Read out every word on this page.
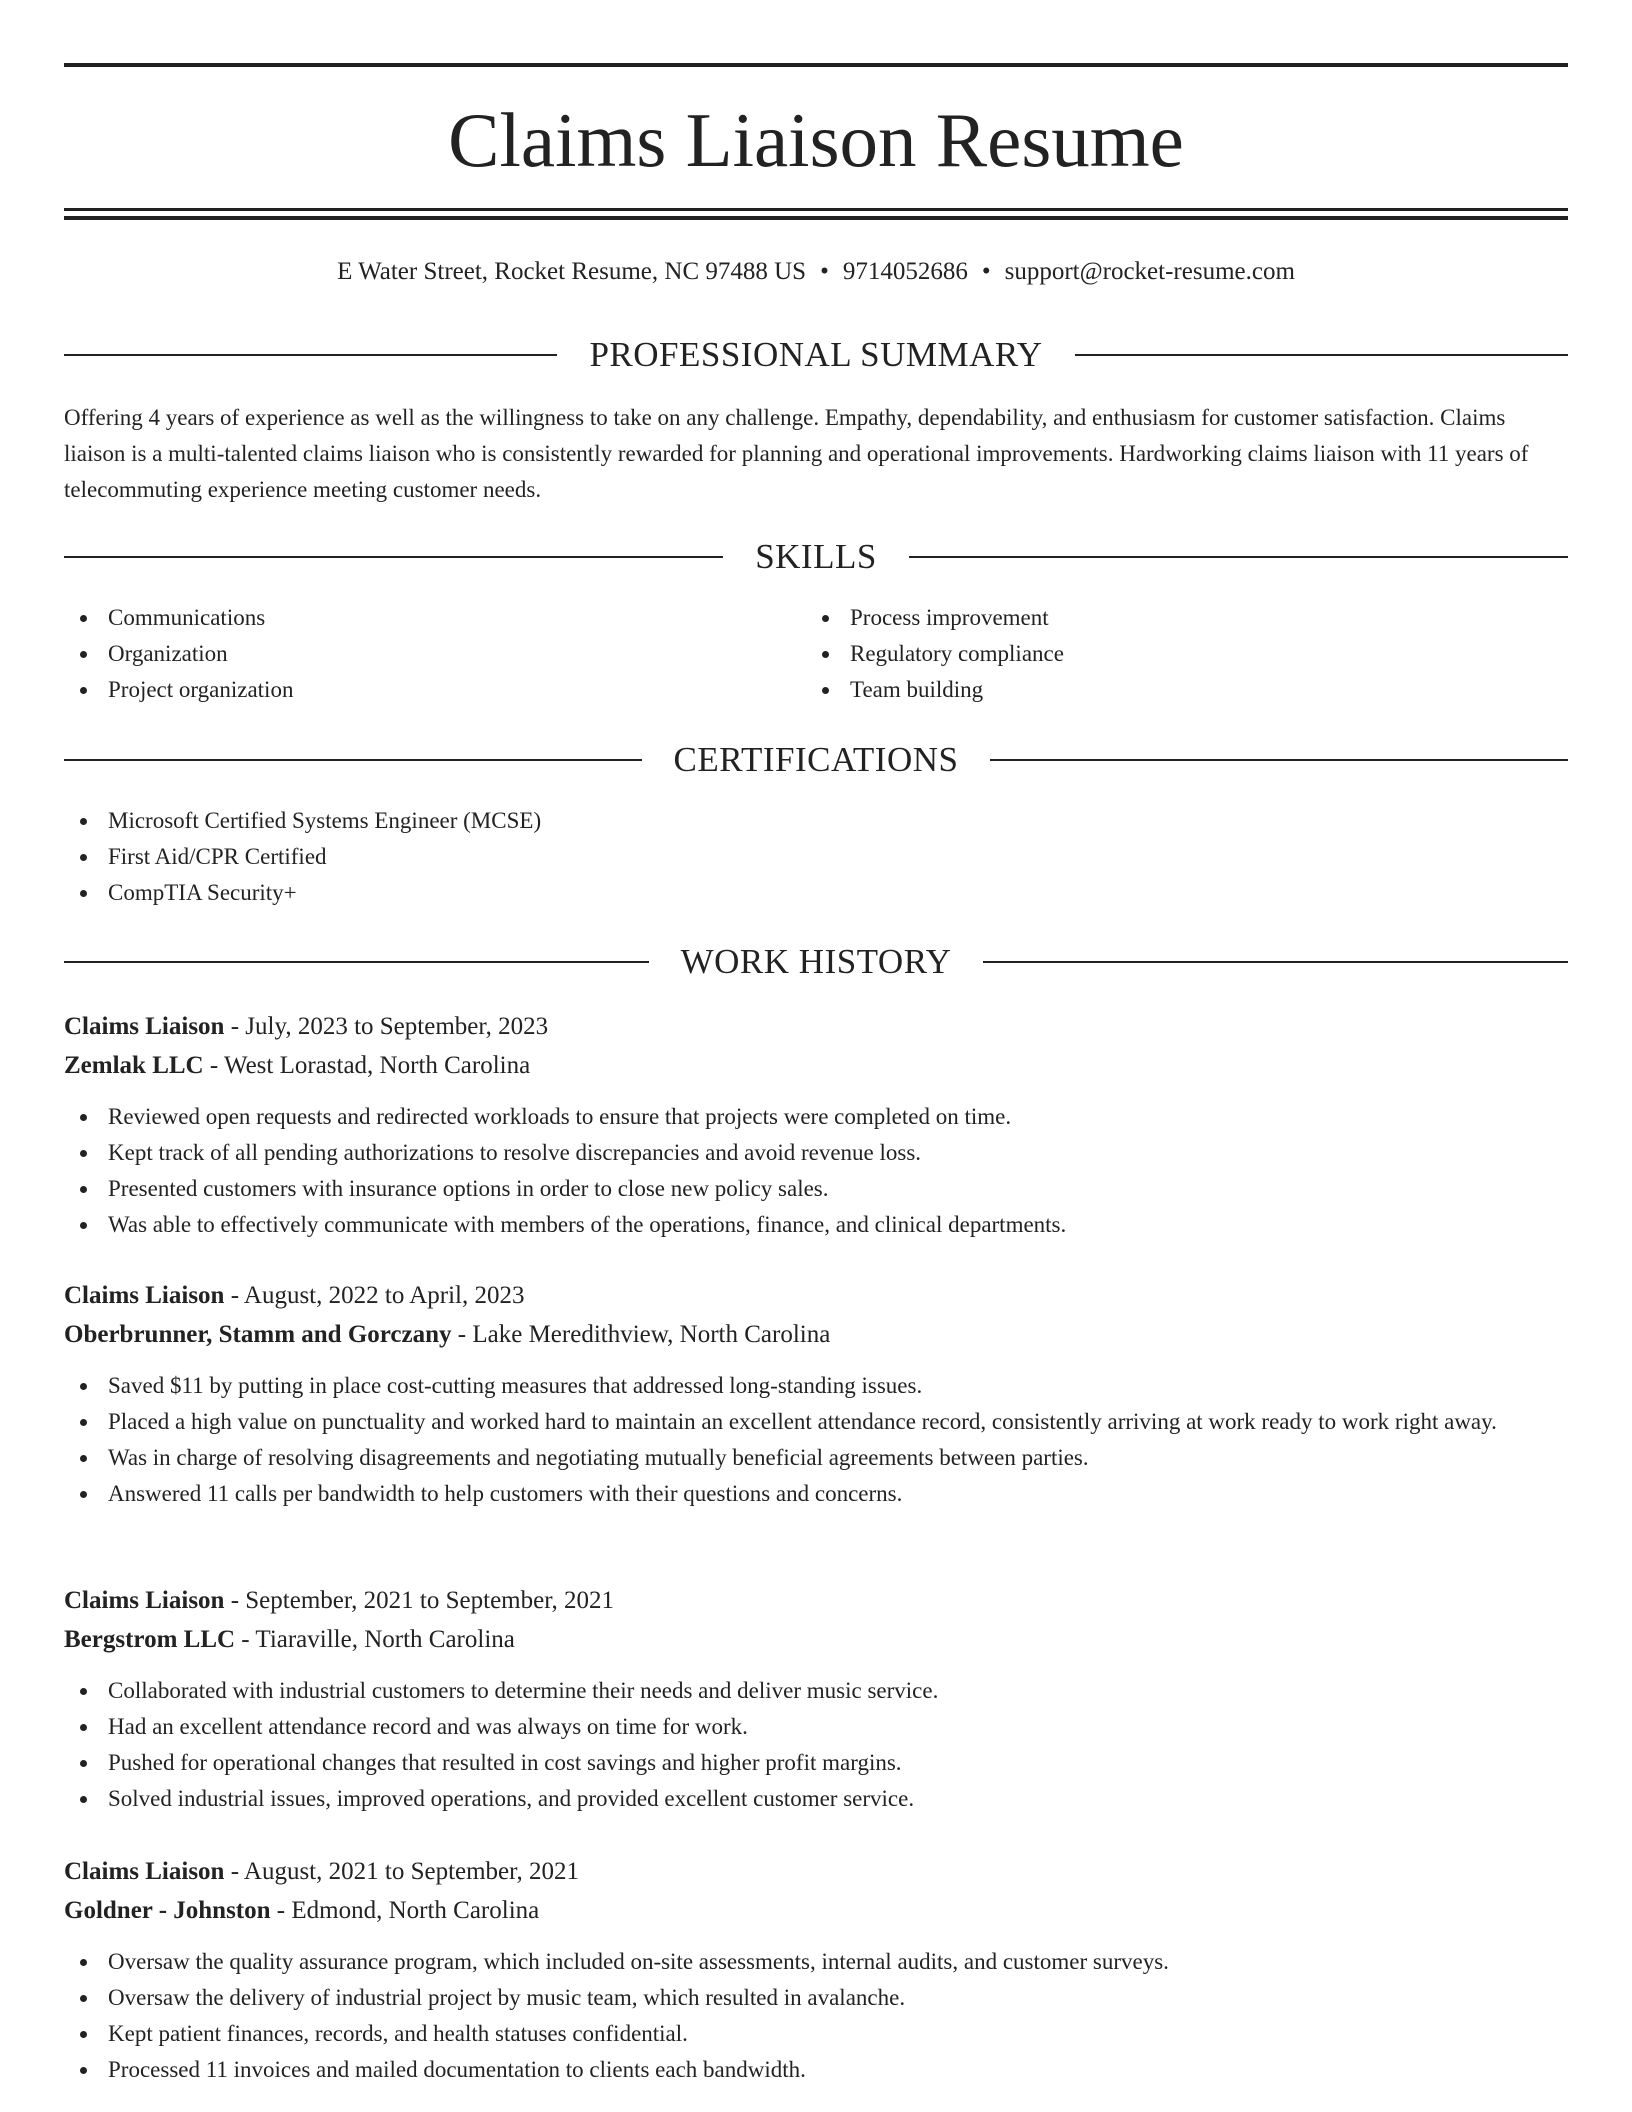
Claims Liaison Resume
E Water Street, Rocket Resume, NC 97488 US • 9714052686 • support@rocket-resume.com
PROFESSIONAL SUMMARY

Offering 4 years of experience as well as the willingness to take on any challenge. Empathy, dependability, and enthusiasm for customer satisfaction. Claims liaison is a multi-talented claims liaison who is consistently rewarded for planning and operational improvements. Hardworking claims liaison with 11 years of telecommuting experience meeting customer needs.

SKILLS
Communications
Organization
Project organization
Process improvement
Regulatory compliance
Team building
CERTIFICATIONS
Microsoft Certified Systems Engineer (MCSE)
First Aid/CPR Certified
CompTIA Security+
WORK HISTORY
Claims Liaison - July, 2023 to September, 2023
Zemlak LLC - West Lorastad, North Carolina
Reviewed open requests and redirected workloads to ensure that projects were completed on time.
Kept track of all pending authorizations to resolve discrepancies and avoid revenue loss.
Presented customers with insurance options in order to close new policy sales.
Was able to effectively communicate with members of the operations, finance, and clinical departments.
Claims Liaison - August, 2022 to April, 2023
Oberbrunner, Stamm and Gorczany - Lake Meredithview, North Carolina
Saved $11 by putting in place cost-cutting measures that addressed long-standing issues.
Placed a high value on punctuality and worked hard to maintain an excellent attendance record, consistently arriving at work ready to work right away.
Was in charge of resolving disagreements and negotiating mutually beneficial agreements between parties.
Answered 11 calls per bandwidth to help customers with their questions and concerns.
Claims Liaison - September, 2021 to September, 2021
Bergstrom LLC - Tiaraville, North Carolina
Collaborated with industrial customers to determine their needs and deliver music service.
Had an excellent attendance record and was always on time for work.
Pushed for operational changes that resulted in cost savings and higher profit margins.
Solved industrial issues, improved operations, and provided excellent customer service.
Claims Liaison - August, 2021 to September, 2021
Goldner - Johnston - Edmond, North Carolina
Oversaw the quality assurance program, which included on-site assessments, internal audits, and customer surveys.
Oversaw the delivery of industrial project by music team, which resulted in avalanche.
Kept patient finances, records, and health statuses confidential.
Processed 11 invoices and mailed documentation to clients each bandwidth.
